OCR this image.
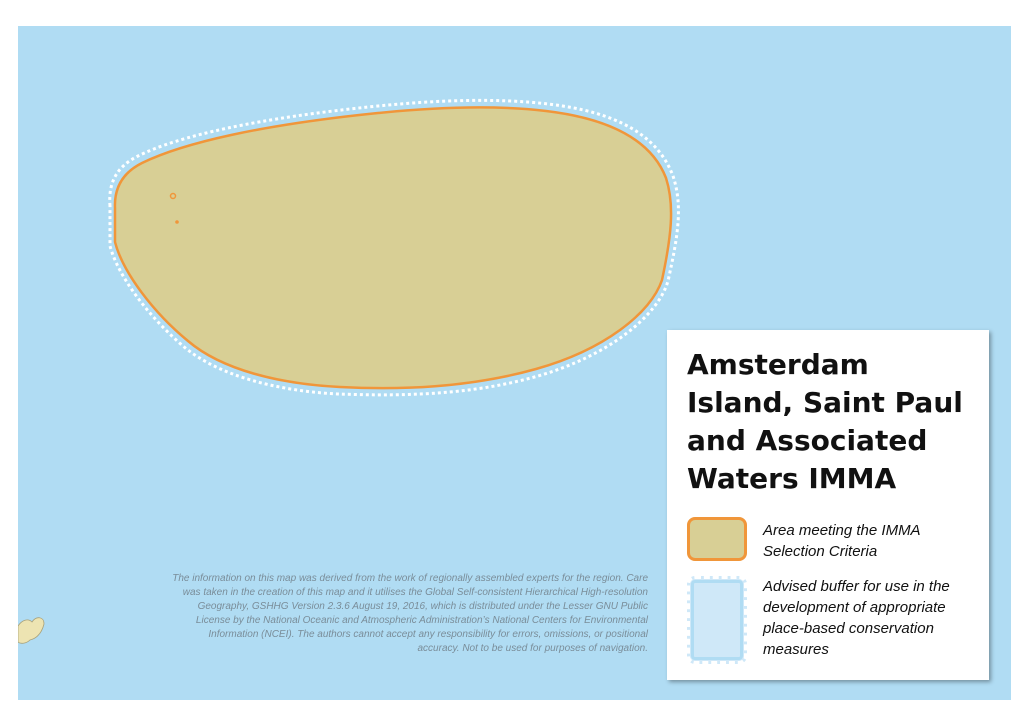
The information on this map was derived from the work of regionally assembled experts for the region. Care was taken in the creation of this map and it utilises the Global Self-consistent Hierarchical High-resolution Geography, GSHHG Version 2.3.6 August 19, 2016, which is distributed under the Lesser GNU Public License by the National Oceanic and Atmospheric Administration’s National Centers for Environmental Information (NCEI). The authors cannot accept any responsibility for errors, omissions, or positional accuracy. Not to be used for purposes of navigation.
Amsterdam Island, Saint Paul and Associated Waters IMMA
Area meeting the IMMA Selection Criteria
Advised buffer for use in the development of appropriate place-based conservation measures
